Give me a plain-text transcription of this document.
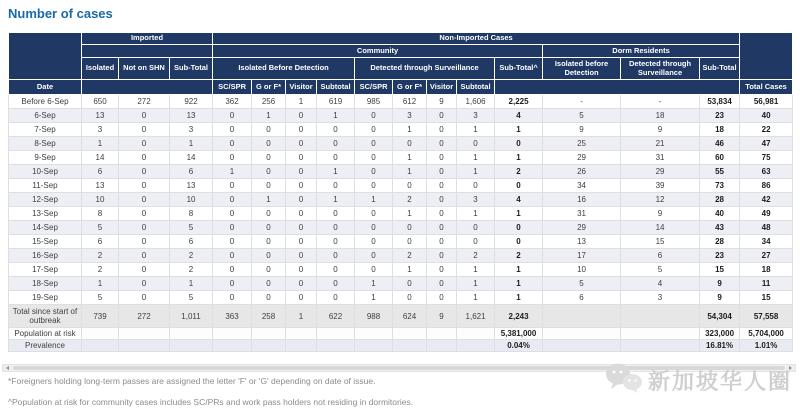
Number of cases
	Imported			Non-Imported Cases												
				Community									Dorm Residents			
	Isolated	Not on SHN	Sub-Total	Isolated Before Detection				Detected through Surveillance				Sub-Total^	Isolated before Detection	Detected through Surveillance	Sub-Total	
Date				SC/SPR	G or F*	Visitor	Subtotal	SC/SPR	G or F*	Visitor	Subtotal					Total Cases
Before 6-Sep	650	272	922	362	256	1	619	985	612	9	1,606	2,225	-	-	53,834	56,981
6-Sep	13	0	13	0	1	0	1	0	3	0	3	4	5	18	23	40
7-Sep	3	0	3	0	0	0	0	0	1	0	1	1	9	9	18	22
8-Sep	1	0	1	0	0	0	0	0	0	0	0	0	25	21	46	47
9-Sep	14	0	14	0	0	0	0	0	1	0	1	1	29	31	60	75
10-Sep	6	0	6	1	0	0	1	0	1	0	1	2	26	29	55	63
11-Sep	13	0	13	0	0	0	0	0	0	0	0	0	34	39	73	86
12-Sep	10	0	10	0	1	0	1	1	2	0	3	4	16	12	28	42
13-Sep	8	0	8	0	0	0	0	0	1	0	1	1	31	9	40	49
14-Sep	5	0	5	0	0	0	0	0	0	0	0	0	29	14	43	48
15-Sep	6	0	6	0	0	0	0	0	0	0	0	0	13	15	28	34
16-Sep	2	0	2	0	0	0	0	0	2	0	2	2	17	6	23	27
17-Sep	2	0	2	0	0	0	0	0	1	0	1	1	10	5	15	18
18-Sep	1	0	1	0	0	0	0	1	0	0	1	1	5	4	9	11
19-Sep	5	0	5	0	0	0	0	1	0	0	1	1	6	3	9	15
Total since start of outbreak	739	272	1,011	363	258	1	622	988	624	9	1,621	2,243			54,304	57,558
Population at risk												5,381,000			323,000	5,704,000
Prevalence												0.04%			16.81%	1.01%
*Foreigners holding long-term passes are assigned the letter 'F' or 'G' depending on date of issue.
^Population at risk for community cases includes SC/PRs and work pass holders not residing in dormitories.
新加坡华人圈
